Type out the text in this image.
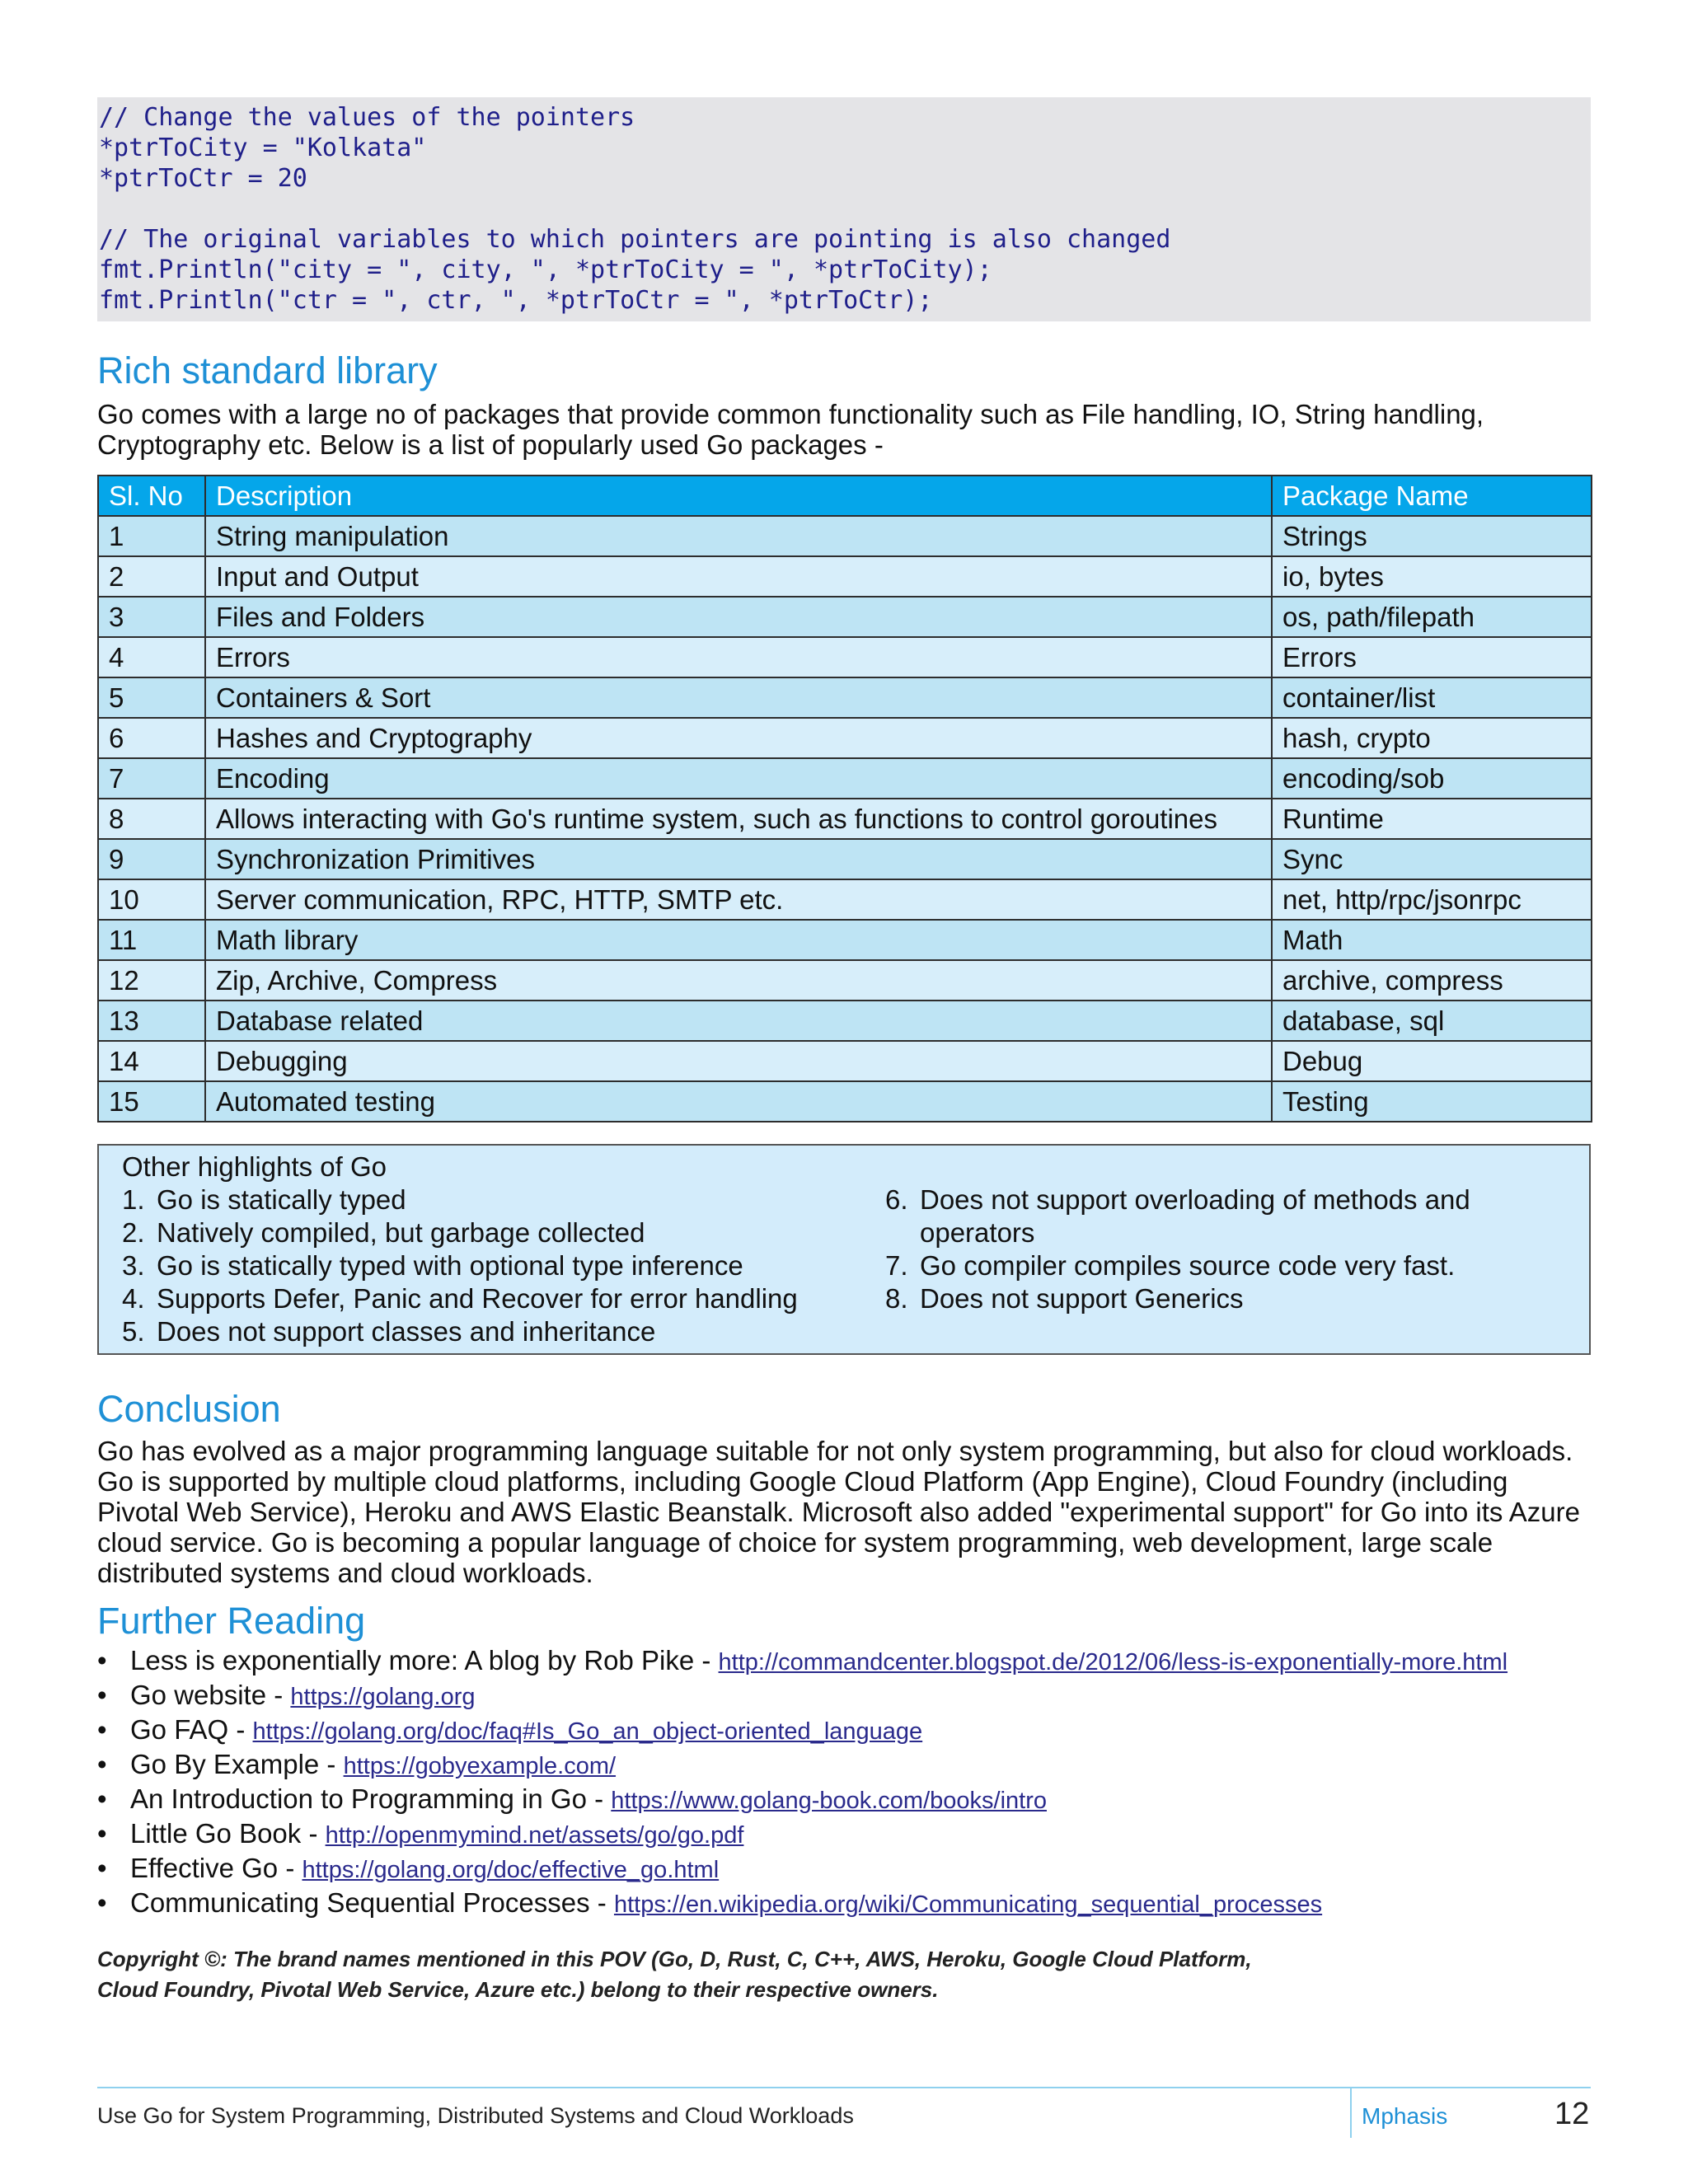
// Change the values of the pointers
*ptrToCity = "Kolkata"
*ptrToCtr = 20
// The original variables to which pointers are pointing is also changed
fmt.Println("city = ", city, ", *ptrToCity = ", *ptrToCity);
fmt.Println("ctr = ", ctr, ", *ptrToCtr = ", *ptrToCtr);
Rich standard library

Go comes with a large no of packages that provide common functionality such as File handling, IO, String handling, Cryptography etc. Below is a list of popularly used Go packages -

Sl. No	Description	Package Name
1	String manipulation	Strings
2	Input and Output	io, bytes
3	Files and Folders	os, path/filepath
4	Errors	Errors
5	Containers & Sort	container/list
6	Hashes and Cryptography	hash, crypto
7	Encoding	encoding/sob
8	Allows interacting with Go's runtime system, such as functions to control goroutines	Runtime
9	Synchronization Primitives	Sync
10	Server communication, RPC, HTTP, SMTP etc.	net, http/rpc/jsonrpc
11	Math library	Math
12	Zip, Archive, Compress	archive, compress
13	Database related	database, sql
14	Debugging	Debug
15	Automated testing	Testing
Other highlights of Go
1. Go is statically typed
2. Natively compiled, but garbage collected
3. Go is statically typed with optional type inference
4. Supports Defer, Panic and Recover for error handling
5. Does not support classes and inheritance
6. Does not support overloading of methods and operators
7. Go compiler compiles source code very fast.
8. Does not support Generics
Conclusion

Go has evolved as a major programming language suitable for not only system programming, but also for cloud workloads. Go is supported by multiple cloud platforms, including Google Cloud Platform (App Engine), Cloud Foundry (including Pivotal Web Service), Heroku and AWS Elastic Beanstalk. Microsoft also added "experimental support" for Go into its Azure cloud service. Go is becoming a popular language of choice for system programming, web development, large scale distributed systems and cloud workloads.

Further Reading
• Less is exponentially more: A blog by Rob Pike - http://commandcenter.blogspot.de/2012/06/less-is-exponentially-more.html
• Go website - https://golang.org
• Go FAQ - https://golang.org/doc/faq#Is_Go_an_object-oriented_language
• Go By Example - https://gobyexample.com/
• An Introduction to Programming in Go - https://www.golang-book.com/books/intro
• Little Go Book - http://openmymind.net/assets/go/go.pdf
• Effective Go - https://golang.org/doc/effective_go.html
• Communicating Sequential Processes - https://en.wikipedia.org/wiki/Communicating_sequential_processes
Copyright ©: The brand names mentioned in this POV (Go, D, Rust, C, C++, AWS, Heroku, Google Cloud Platform,
Cloud Foundry, Pivotal Web Service, Azure etc.) belong to their respective owners.
Use Go for System Programming, Distributed Systems and Cloud Workloads	Mphasis	12
